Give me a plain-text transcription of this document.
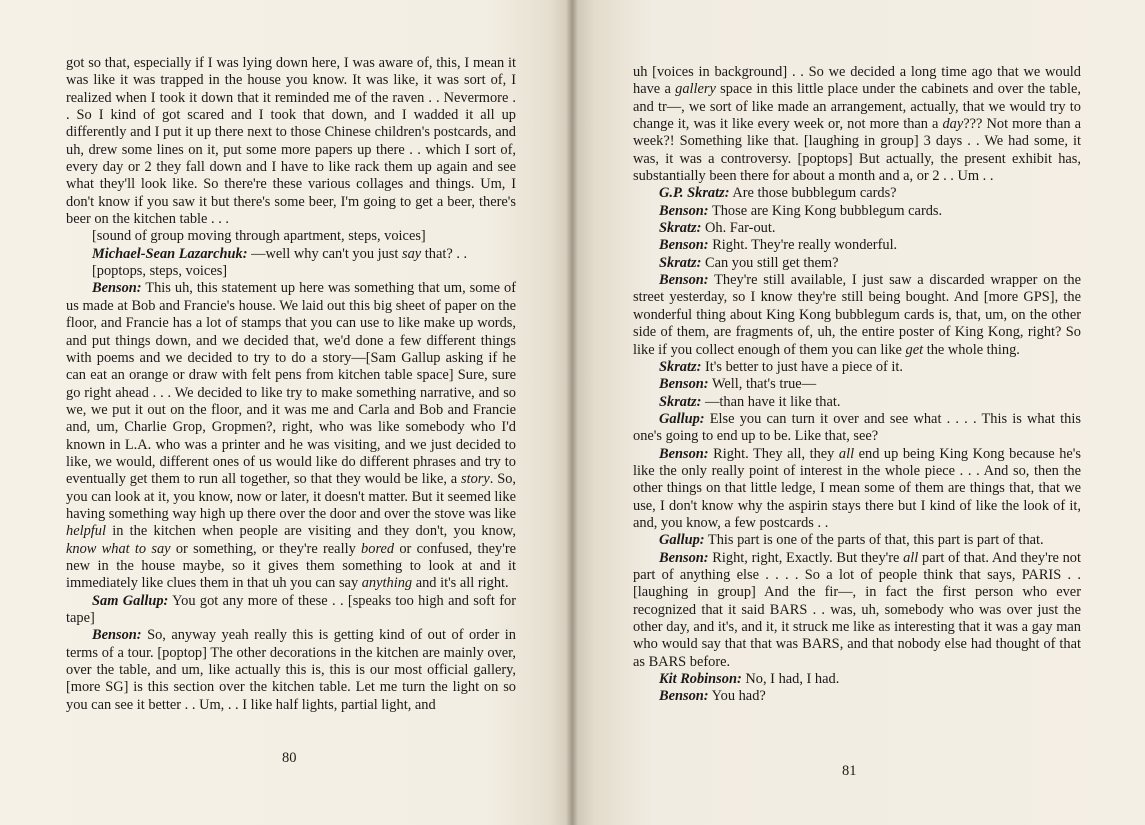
got so that, especially if I was lying down here, I was aware of, this, I mean it was like it was trapped in the house you know. It was like, it was sort of, I realized when I took it down that it reminded me of the raven . . Nevermore . . So I kind of got scared and I took that down, and I wadded it all up differently and I put it up there next to those Chinese children's postcards, and uh, drew some lines on it, put some more papers up there . . which I sort of, every day or 2 they fall down and I have to like rack them up again and see what they'll look like. So there're these various collages and things. Um, I don't know if you saw it but there's some beer, I'm going to get a beer, there's beer on the kitchen table . . .

[sound of group moving through apartment, steps, voices]

Michael-Sean Lazarchuk: —well why can't you just say that? . .

[poptops, steps, voices]

Benson: This uh, this statement up here was something that um, some of us made at Bob and Francie's house. We laid out this big sheet of paper on the floor, and Francie has a lot of stamps that you can use to like make up words, and put things down, and we decided that, we'd done a few different things with poems and we decided to try to do a story—[Sam Gallup asking if he can eat an orange or draw with felt pens from kitchen table space] Sure, sure go right ahead . . . We decided to like try to make something narrative, and so we, we put it out on the floor, and it was me and Carla and Bob and Francie and, um, Charlie Grop, Gropmen?, right, who was like somebody who I'd known in L.A. who was a printer and he was visiting, and we just decided to like, we would, different ones of us would like do different phrases and try to eventually get them to run all together, so that they would be like, a story. So, you can look at it, you know, now or later, it doesn't matter. But it seemed like having something way high up there over the door and over the stove was like helpful in the kitchen when people are visiting and they don't, you know, know what to say or something, or they're really bored or confused, they're new in the house maybe, so it gives them something to look at and it immediately like clues them in that uh you can say anything and it's all right.

Sam Gallup: You got any more of these . . [speaks too high and soft for tape]

Benson: So, anyway yeah really this is getting kind of out of order in terms of a tour. [poptop] The other decorations in the kitchen are mainly over, over the table, and um, like actually this is, this is our most official gallery, [more SG] is this section over the kitchen table. Let me turn the light on so you can see it better . . Um, . . I like half lights, partial light, and

80

uh [voices in background] . . So we decided a long time ago that we would have a gallery space in this little place under the cabinets and over the table, and tr—, we sort of like made an arrangement, actually, that we would try to change it, was it like every week or, not more than a day??? Not more than a week?! Something like that. [laughing in group] 3 days . . We had some, it was, it was a controversy. [poptops] But actually, the present exhibit has, substantially been there for about a month and a, or 2 . . Um . .

G.P. Skratz: Are those bubblegum cards?

Benson: Those are King Kong bubblegum cards.

Skratz: Oh. Far-out.

Benson: Right. They're really wonderful.

Skratz: Can you still get them?

Benson: They're still available, I just saw a discarded wrapper on the street yesterday, so I know they're still being bought. And [more GPS], the wonderful thing about King Kong bubblegum cards is, that, um, on the other side of them, are fragments of, uh, the entire poster of King Kong, right? So like if you collect enough of them you can like get the whole thing.

Skratz: It's better to just have a piece of it.

Benson: Well, that's true—

Skratz: —than have it like that.

Gallup: Else you can turn it over and see what . . . . This is what this one's going to end up to be. Like that, see?

Benson: Right. They all, they all end up being King Kong because he's like the only really point of interest in the whole piece . . . And so, then the other things on that little ledge, I mean some of them are things that, that we use, I don't know why the aspirin stays there but I kind of like the look of it, and, you know, a few postcards . .

Gallup: This part is one of the parts of that, this part is part of that.

Benson: Right, right, Exactly. But they're all part of that. And they're not part of anything else . . . . So a lot of people think that says, PARIS . . [laughing in group] And the fir—, in fact the first person who ever recognized that it said BARS . . was, uh, somebody who was over just the other day, and it's, and it, it struck me like as interesting that it was a gay man who would say that that was BARS, and that nobody else had thought of that as BARS before.

Kit Robinson: No, I had, I had.

Benson: You had?

81
